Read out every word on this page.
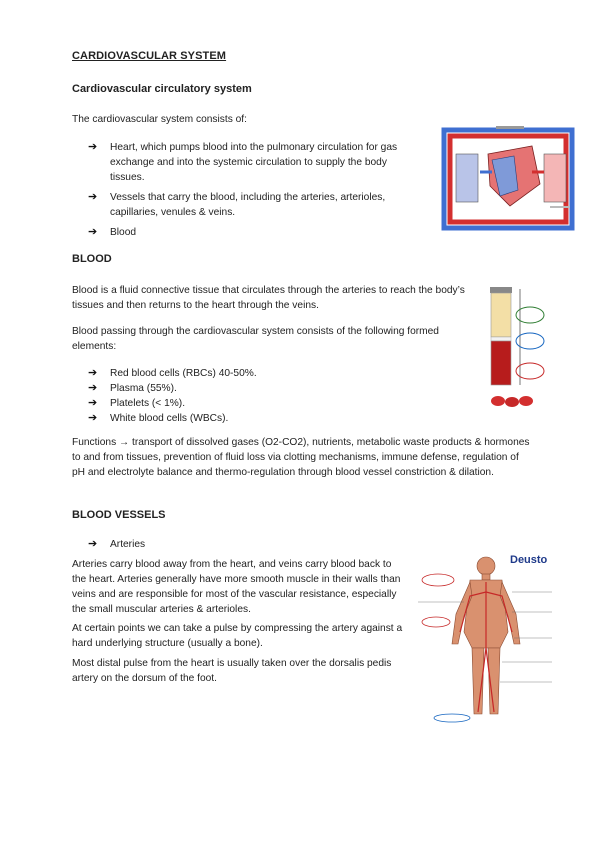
CARDIOVASCULAR SYSTEM
Cardiovascular circulatory system
The cardiovascular system consists of:
➔ Heart, which pumps blood into the pulmonary circulation for gas exchange and into the systemic circulation to supply the body tissues.
➔ Vessels that carry the blood, including the arteries, arterioles, capillaries, venules & veins.
➔ Blood
BLOOD
Blood is a fluid connective tissue that circulates through the arteries to reach the body’s tissues and then returns to the heart through the veins.
Blood passing through the cardiovascular system consists of the following formed elements:
➔ Red blood cells (RBCs) 40-50%.
➔ Plasma (55%).
➔ Platelets (< 1%).
➔ White blood cells (WBCs).
Functions → transport of dissolved gases (O2-CO2), nutrients, metabolic waste products & hormones to and from tissues, prevention of fluid loss via clotting mechanisms, immune defense, regulation of pH and electrolyte balance and thermo-regulation through blood vessel constriction & dilation.
BLOOD VESSELS
➔ Arteries
Arteries carry blood away from the heart, and veins carry blood back to the heart. Arteries generally have more smooth muscle in their walls than veins and are responsible for most of the vascular resistance, especially the small muscular arteries & arterioles.
At certain points we can take a pulse by compressing the artery against a hard underlying structure (usually a bone).
Most distal pulse from the heart is usually taken over the dorsalis pedis artery on the dorsum of the foot.
Deusto
